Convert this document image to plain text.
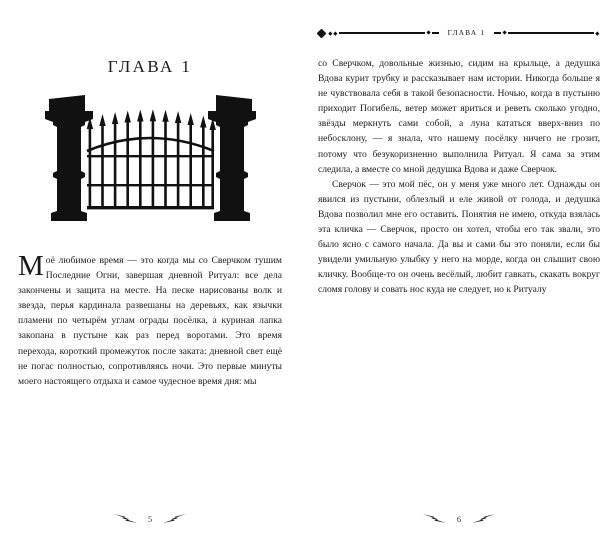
ГЛАВА 1

Моё любимое время — это когда мы со Сверчком тушим Последние Огни, завершая дневной Ритуал: все дела закончены и защита на месте. На песке нарисованы волк и звезда, перья кардинала развешаны на деревьях, как язычки пламени по четырём углам ограды посёлка, а куриная лапка закопана в пустыне как раз перед воротами. Это время перехода, короткий промежуток после заката: дневной свет ещё не погас полностью, сопротивляясь ночи. Это первые минуты моего настоящего отдыха и самое чудесное время дня: мы

5
ГЛАВА 1

со Сверчком, довольные жизнью, сидим на крыльце, а дедушка Вдова курит трубку и рассказывает нам истории. Никогда больше я не чувствовала себя в такой безопасности. Ночью, когда в пустыню приходит Погибель, ветер может яриться и реветь сколько угодно, звёзды меркнуть сами собой, а луна кататься вверх-вниз по небосклону, — я знала, что нашему посёлку ничего не грозит, потому что безукоризненно выполнила Ритуал. Я сама за этим следила, а вместе со мной дедушка Вдова и даже Сверчок.

Сверчок — это мой пёс, он у меня уже много лет. Однажды он явился из пустыни, облезлый и еле живой от голода, и дедушка Вдова позволил мне его оставить. Понятия не имею, откуда взялась эта кличка — Сверчок, просто он хотел, чтобы его так звали, это было ясно с самого начала. Да вы и сами бы это поняли, если бы увидели умильную улыбку у него на морде, когда он слышит свою кличку. Вообще-то он очень весёлый, любит гавкать, скакать вокруг сломя голову и совать нос куда не следует, но к Ритуалу

6
